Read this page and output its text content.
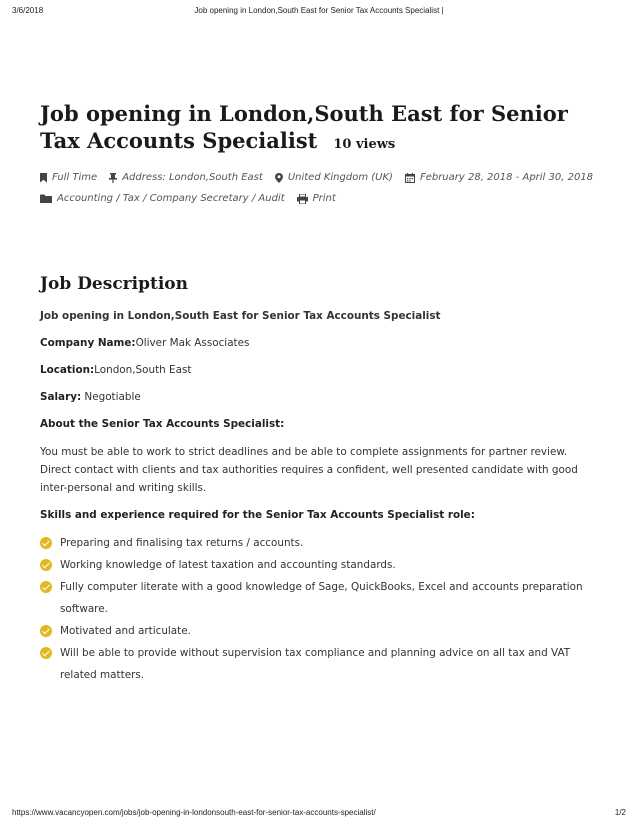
3/6/2018	Job opening in London,South East for Senior Tax Accounts Specialist |
Job opening in London,South East for Senior
Tax Accounts Specialist 10 views
Full Time	Address: London,South East	United Kingdom (UK)	February 28, 2018 - April 30, 2018
Accounting / Tax / Company Secretary / Audit	Print
Job Description

Job opening in London,South East for Senior Tax Accounts Specialist

Company Name:Oliver Mak Associates

Location:London,South East

Salary: Negotiable

About the Senior Tax Accounts Specialist:

You must be able to work to strict deadlines and be able to complete assignments for partner review. Direct contact with clients and tax authorities requires a confident, well presented candidate with good inter-personal and writing skills.

Skills and experience required for the Senior Tax Accounts Specialist role:

Preparing and finalising tax returns / accounts.
Working knowledge of latest taxation and accounting standards.
Fully computer literate with a good knowledge of Sage, QuickBooks, Excel and accounts preparation software.
Motivated and articulate.
Will be able to provide without supervision tax compliance and planning advice on all tax and VAT related matters.
https://www.vacancyopen.com/jobs/job-opening-in-londonsouth-east-for-senior-tax-accounts-specialist/	1/2
